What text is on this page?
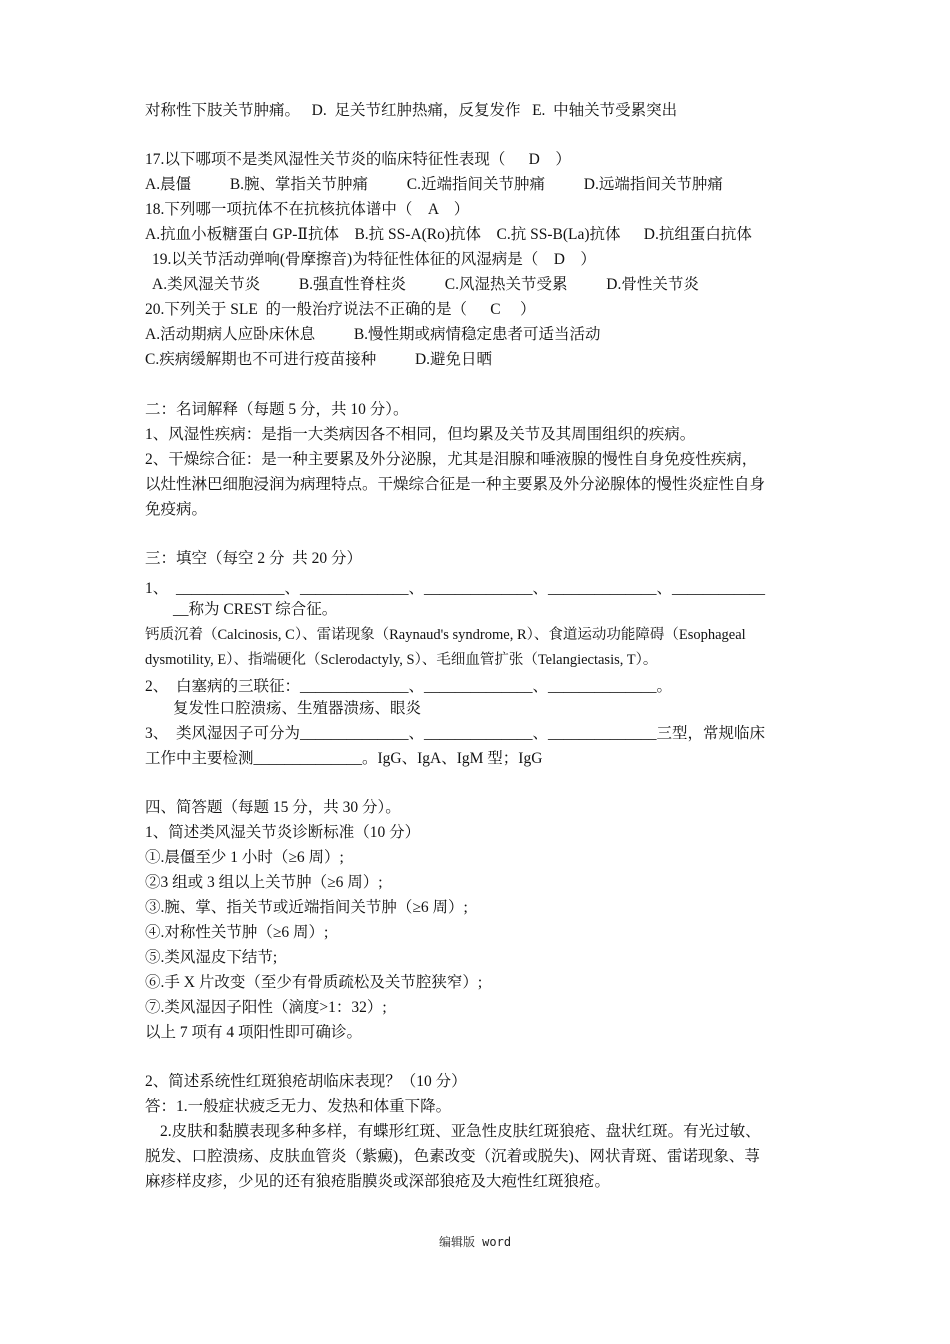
对称性下肢关节肿痛。   D.  足关节红肿热痛，反复发作   E.  中轴关节受累突出
17.以下哪项不是类风湿性关节炎的临床特征性表现（      D    ）
A.晨僵          B.腕、掌指关节肿痛          C.近端指间关节肿痛          D.远端指间关节肿痛
18.下列哪一项抗体不在抗核抗体谱中（    A    ）
A.抗血小板糖蛋白 GP-Ⅱ抗体    B.抗 SS-A(Ro)抗体    C.抗 SS-B(La)抗体      D.抗组蛋白抗体
19.以关节活动弹响(骨摩擦音)为特征性体征的风湿病是（    D    ）
A.类风湿关节炎          B.强直性脊柱炎          C.风湿热关节受累          D.骨性关节炎
20.下列关于 SLE  的一般治疗说法不正确的是（      C     ）
A.活动期病人应卧床休息          B.慢性期或病情稳定患者可适当活动
C.疾病缓解期也不可进行疫苗接种          D.避免日晒
二：名词解释（每题 5 分，共 10 分）。
1、风湿性疾病：是指一大类病因各不相同，但均累及关节及其周围组织的疾病。
2、干燥综合征：是一种主要累及外分泌腺，尤其是泪腺和唾液腺的慢性自身免疫性疾病，
以灶性淋巴细胞浸润为病理特点。干燥综合征是一种主要累及外分泌腺体的慢性炎症性自身
免疫病。
三：填空（每空 2 分  共 20 分）
1、  ______________、______________、______________、______________、____________
__称为 CREST 综合征。
钙质沉着（Calcinosis, C）、雷诺现象（Raynaud's syndrome, R）、食道运动功能障碍（Esophageal
dysmotility, E）、指端硬化（Sclerodactyly, S）、毛细血管扩张（Telangiectasis, T）。
2、  白塞病的三联征：______________、______________、______________。
复发性口腔溃疡、生殖器溃疡、眼炎
3、  类风湿因子可分为______________、______________、______________三型，常规临床
工作中主要检测______________。IgG、IgA、IgM 型；IgG
四、简答题（每题 15 分，共 30 分）。
1、简述类风湿关节炎诊断标准（10 分）
①.晨僵至少 1 小时（≥6 周）;
②3 组或 3 组以上关节肿（≥6 周）;
③.腕、掌、指关节或近端指间关节肿（≥6 周）;
④.对称性关节肿（≥6 周）;
⑤.类风湿皮下结节;
⑥.手 X 片改变（至少有骨质疏松及关节腔狭窄）;
⑦.类风湿因子阳性（滴度>1：32）;
以上 7 项有 4 项阳性即可确诊。
2、简述系统性红斑狼疮胡临床表现？（10 分）
答：1.一般症状疲乏无力、发热和体重下降。
2.皮肤和黏膜表现多种多样，有蝶形红斑、亚急性皮肤红斑狼疮、盘状红斑。有光过敏、
脱发、口腔溃疡、皮肤血管炎（紫癜)，色素改变（沉着或脱失)、网状青斑、雷诺现象、荨
麻疹样皮疹，少见的还有狼疮脂膜炎或深部狼疮及大疱性红斑狼疮。
编辑版 word
